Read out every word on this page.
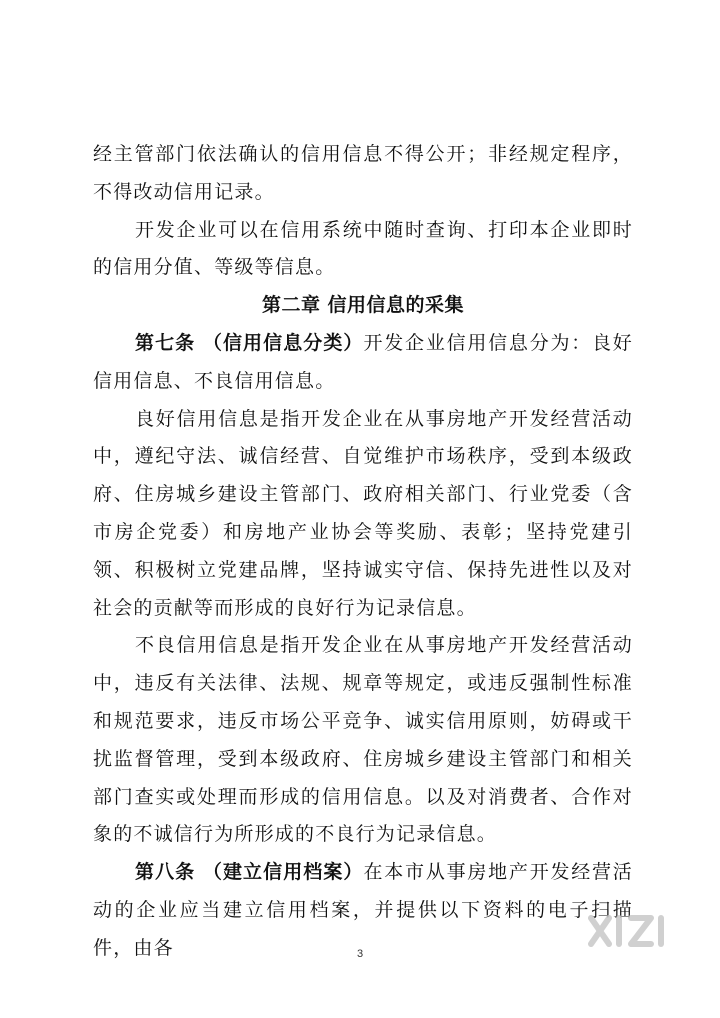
经主管部门依法确认的信用信息不得公开；非经规定程序，不得改动信用记录。

开发企业可以在信用系统中随时查询、打印本企业即时的信用分值、等级等信息。

第二章 信用信息的采集

第七条 （信用信息分类）开发企业信用信息分为：良好信用信息、不良信用信息。

良好信用信息是指开发企业在从事房地产开发经营活动中，遵纪守法、诚信经营、自觉维护市场秩序，受到本级政府、住房城乡建设主管部门、政府相关部门、行业党委（含市房企党委）和房地产业协会等奖励、表彰；坚持党建引领、积极树立党建品牌，坚持诚实守信、保持先进性以及对社会的贡献等而形成的良好行为记录信息。

不良信用信息是指开发企业在从事房地产开发经营活动中，违反有关法律、法规、规章等规定，或违反强制性标准和规范要求，违反市场公平竞争、诚实信用原则，妨碍或干扰监督管理，受到本级政府、住房城乡建设主管部门和相关部门查实或处理而形成的信用信息。以及对消费者、合作对象的不诚信行为所形成的不良行为记录信息。

第八条 （建立信用档案）在本市从事房地产开发经营活动的企业应当建立信用档案，并提供以下资料的电子扫描件，由各	3
